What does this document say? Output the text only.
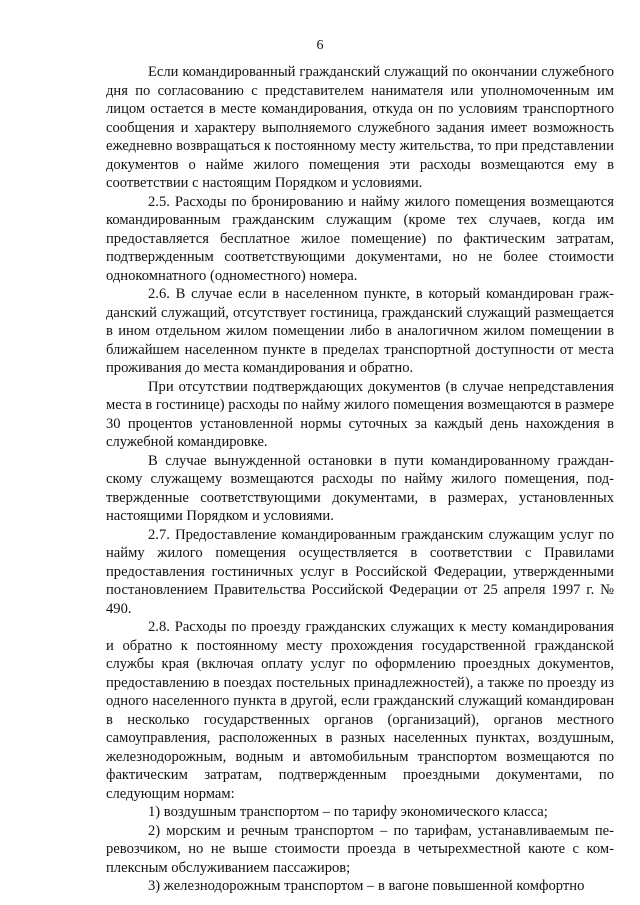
6

Если командированный гражданский служащий по окончании служебного дня по согласованию с представителем нанимателя или уполномоченным им лицом остается в месте командирования, откуда он по условиям транспортного сообщения и характеру выполняемого служебного задания имеет возможность ежедневно возвращаться к постоянному месту жительства, то при представлении документов о найме жилого помещения эти расходы возмещаются ему в соответствии с настоящим Порядком и условиями.

2.5. Расходы по бронированию и найму жилого помещения возмещаются командированным гражданским служащим (кроме тех случаев, когда им предоставляется бесплатное жилое помещение) по фактическим затратам, подтвержденным соответствующими документами, но не более стоимости однокомнатного (одноместного) номера.

2.6. В случае если в населенном пункте, в который командирован гражданский служащий, отсутствует гостиница, гражданский служащий размещается в ином отдельном жилом помещении либо в аналогичном жилом помещении в ближайшем населенном пункте в пределах транспортной доступности от места проживания до места командирования и обратно.

При отсутствии подтверждающих документов (в случае непредставления места в гостинице) расходы по найму жилого помещения возмещаются в размере 30 процентов установленной нормы суточных за каждый день нахождения в служебной командировке.

В случае вынужденной остановки в пути командированному гражданскому служащему возмещаются расходы по найму жилого помещения, подтвержденные соответствующими документами, в размерах, установленных настоящими Порядком и условиями.

2.7. Предоставление командированным гражданским служащим услуг по найму жилого помещения осуществляется в соответствии с Правилами предоставления гостиничных услуг в Российской Федерации, утвержденными постановлением Правительства Российской Федерации от 25 апреля 1997 г. № 490.

2.8. Расходы по проезду гражданских служащих к месту командирования и обратно к постоянному месту прохождения государственной гражданской службы края (включая оплату услуг по оформлению проездных документов, предоставлению в поездах постельных принадлежностей), а также по проезду из одного населенного пункта в другой, если гражданский служащий командирован в несколько государственных органов (организаций), органов местного самоуправления, расположенных в разных населенных пунктах, воздушным, железнодорожным, водным и автомобильным транспортом возмещаются по фактическим затратам, подтвержденным проездными документами, по следующим нормам:

1) воздушным транспортом – по тарифу экономического класса;

2) морским и речным транспортом – по тарифам, устанавливаемым перевозчиком, но не выше стоимости проезда в четырехместной каюте с комплексным обслуживанием пассажиров;

3) железнодорожным транспортом – в вагоне повышенной комфортно
